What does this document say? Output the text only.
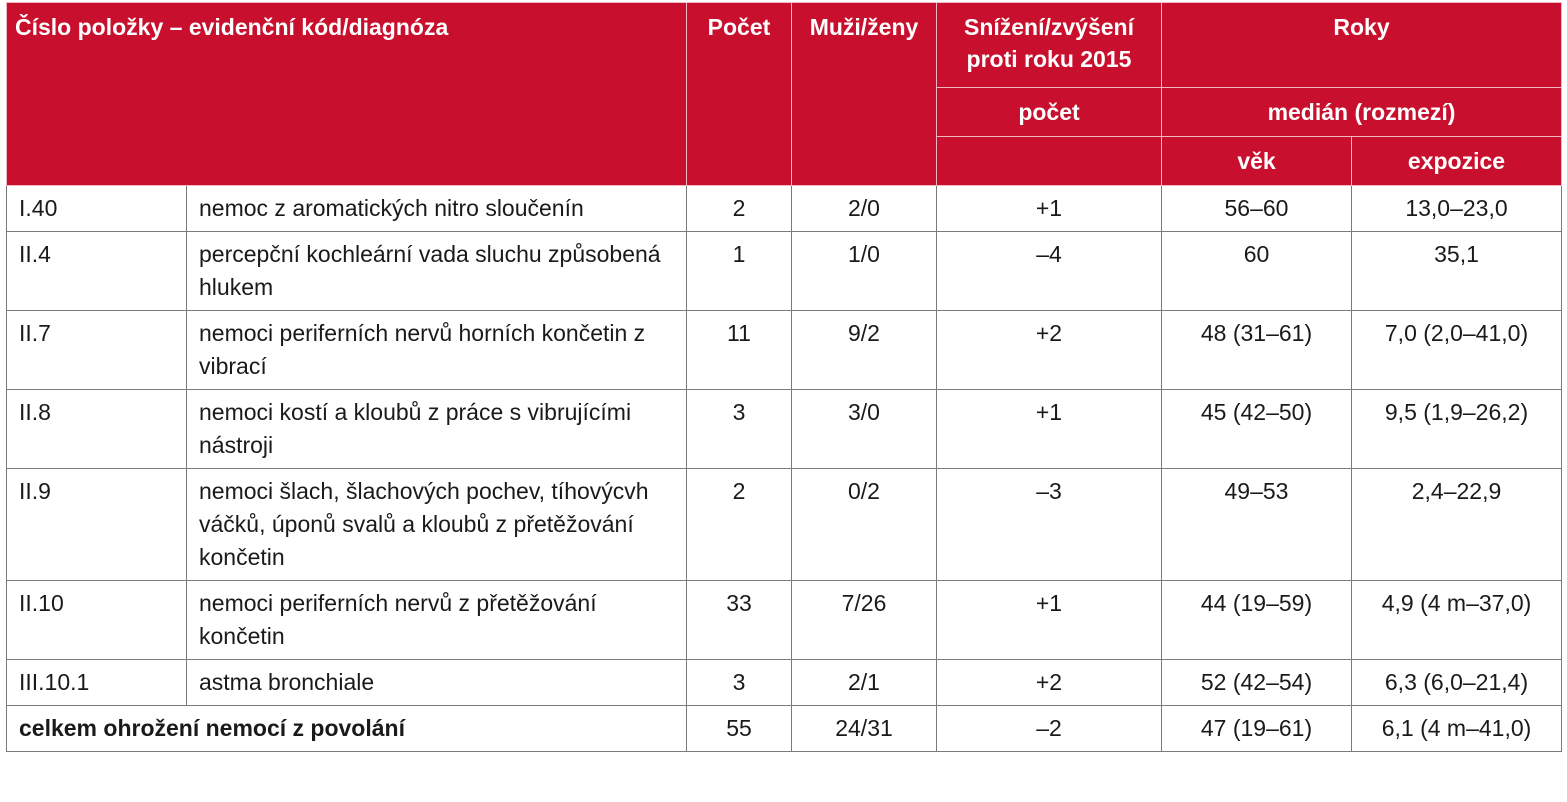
Číslo položky – evidenční kód/diagnóza		Počet	Muži/ženy	Snížení/zvýšení proti roku 2015	Roky	
				počet	medián (rozmezí)	
					věk	expozice
I.40	nemoc z aromatických nitro sloučenín	2	2/0	+1	56–60	13,0–23,0
II.4	percepční kochleární vada sluchu způsobená hlukem	1	1/0	–4	60	35,1
II.7	nemoci periferních nervů horních končetin z vibrací	11	9/2	+2	48 (31–61)	7,0 (2,0–41,0)
II.8	nemoci kostí a kloubů z práce s vibrujícími nástroji	3	3/0	+1	45 (42–50)	9,5 (1,9–26,2)
II.9	nemoci šlach, šlachových pochev, tíhovýcvh váčků, úponů svalů a kloubů z přetěžování končetin	2	0/2	–3	49–53	2,4–22,9
II.10	nemoci periferních nervů z přetěžování končetin	33	7/26	+1	44 (19–59)	4,9 (4 m–37,0)
III.10.1	astma bronchiale	3	2/1	+2	52 (42–54)	6,3 (6,0–21,4)
celkem ohrožení nemocí z povolání		55	24/31	–2	47 (19–61)	6,1 (4 m–41,0)
